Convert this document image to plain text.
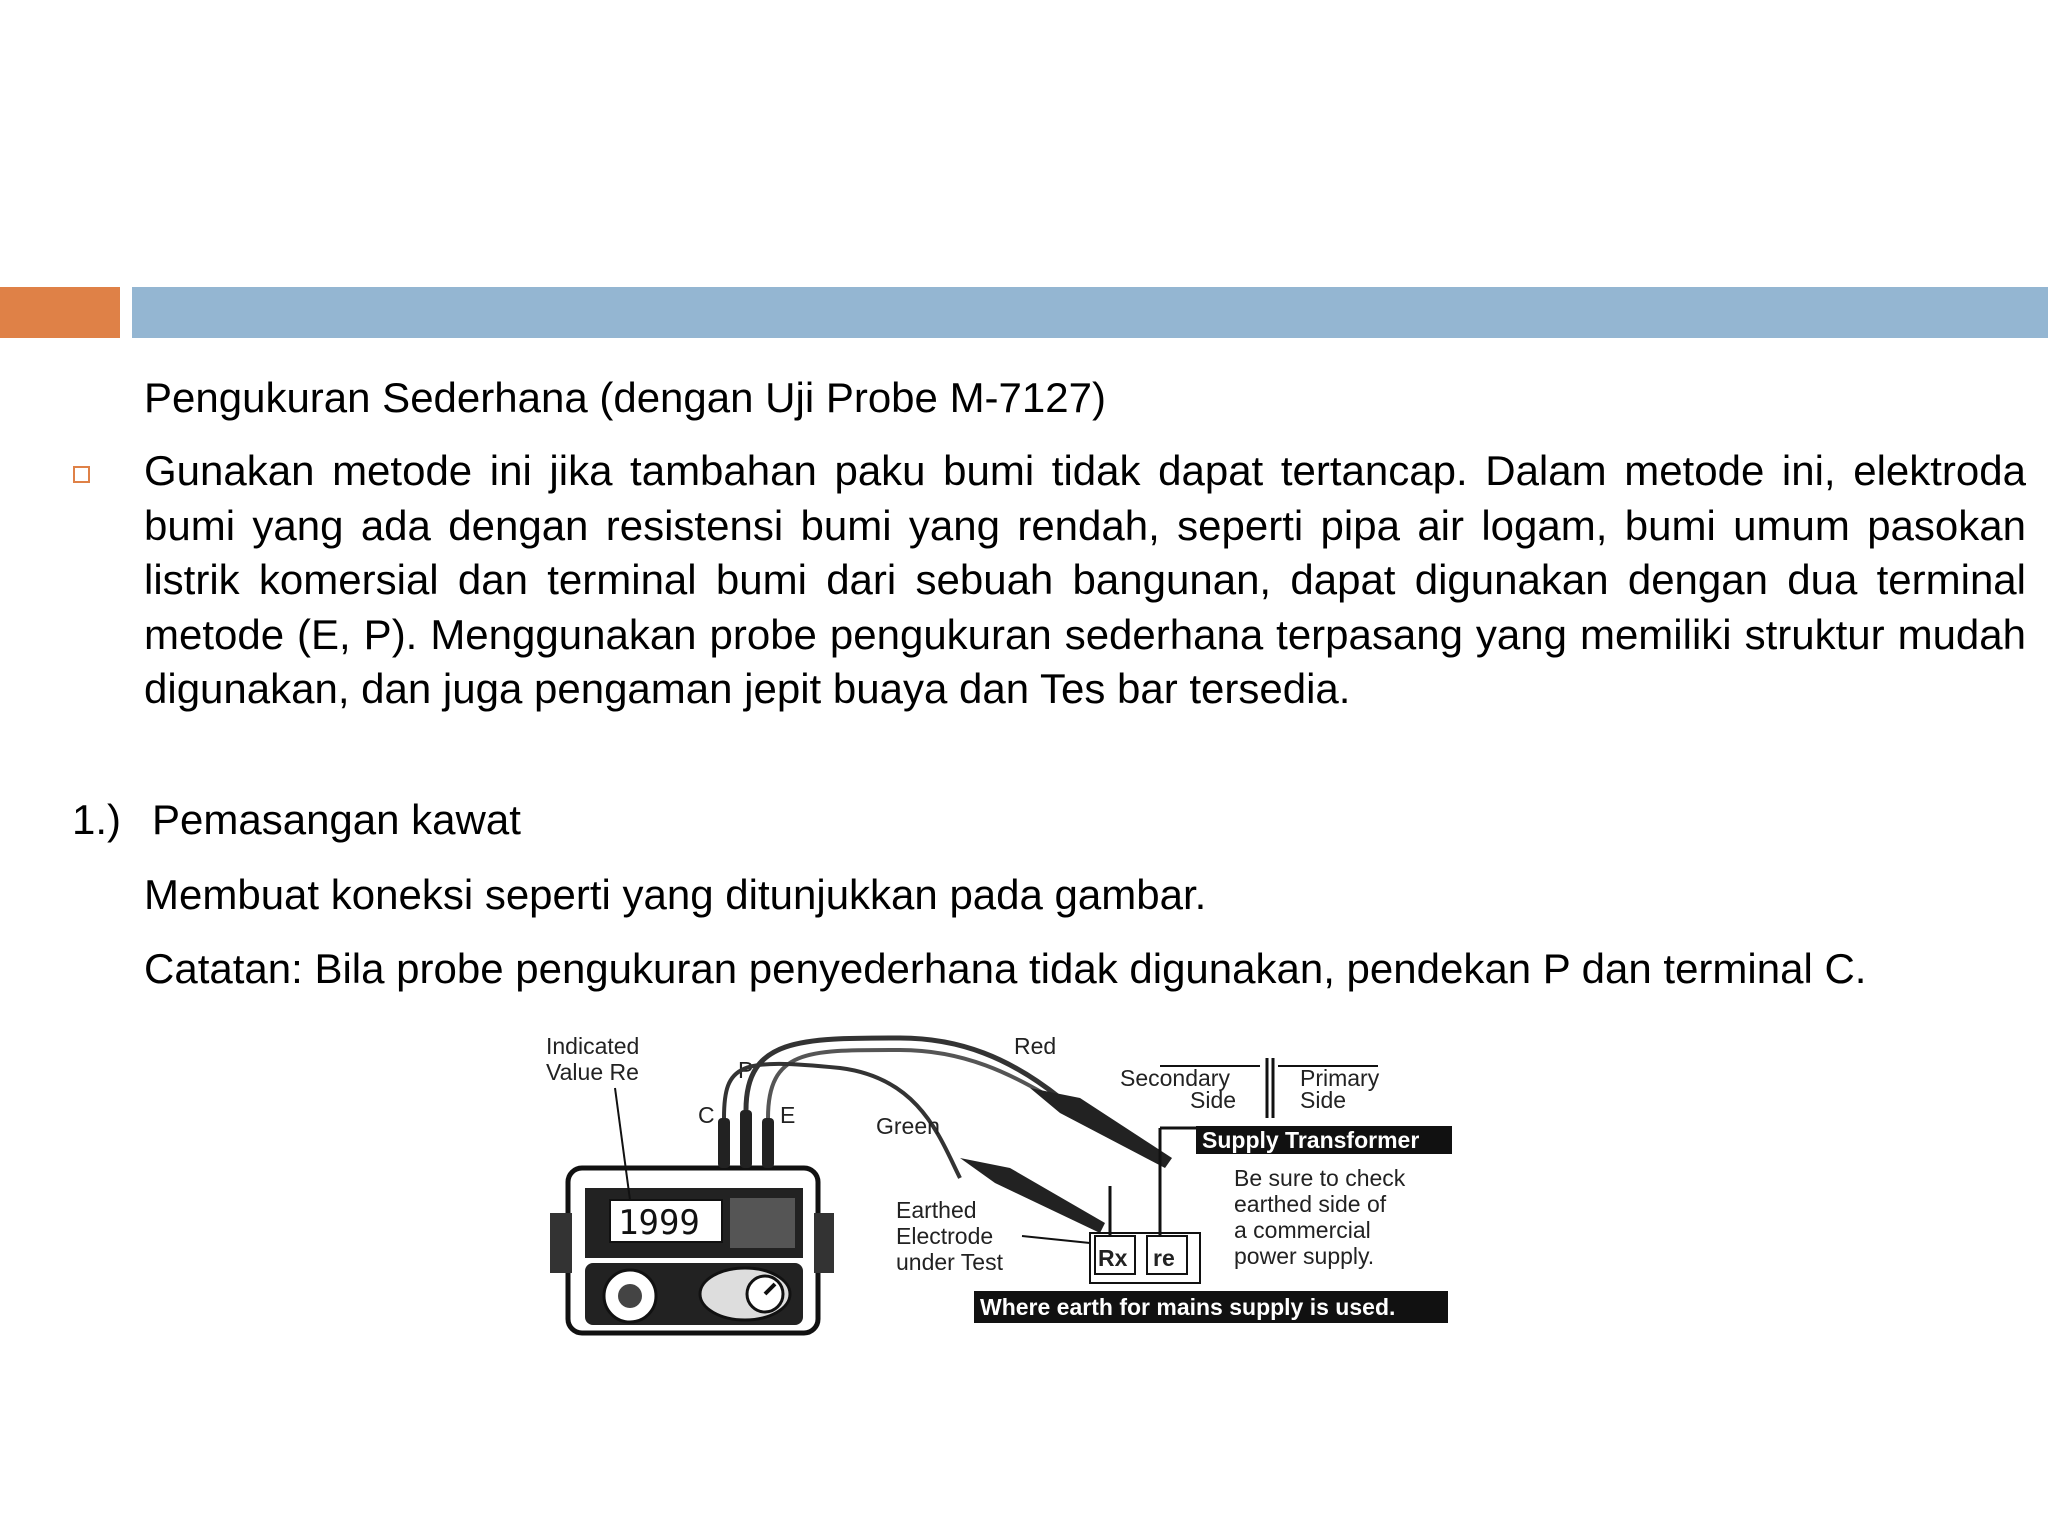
Pengukuran Sederhana (dengan Uji Probe M-7127)
Gunakan metode ini jika tambahan paku bumi tidak dapat tertancap. Dalam metode ini, elektroda bumi yang ada dengan resistensi bumi yang rendah, seperti pipa air logam, bumi umum pasokan listrik komersial dan terminal bumi dari sebuah bangunan, dapat digunakan dengan dua terminal metode (E, P). Menggunakan probe pengukuran sederhana terpasang yang memiliki struktur mudah digunakan, dan juga pengaman jepit buaya dan Tes bar tersedia.
1.) Pemasangan kawat
Membuat koneksi seperti yang ditunjukkan pada gambar.
Catatan: Bila probe pengukuran penyederhana tidak digunakan, pendekan P dan terminal C.
1999
C
P
E
Indicated
Value Re
Red
Green
Rx re
Earthed
Electrode
under Test
Secondary
Side
Primary
Side
Supply Transformer
Be sure to check
earthed side of
a commercial
power supply.
Where earth for mains supply is used.
